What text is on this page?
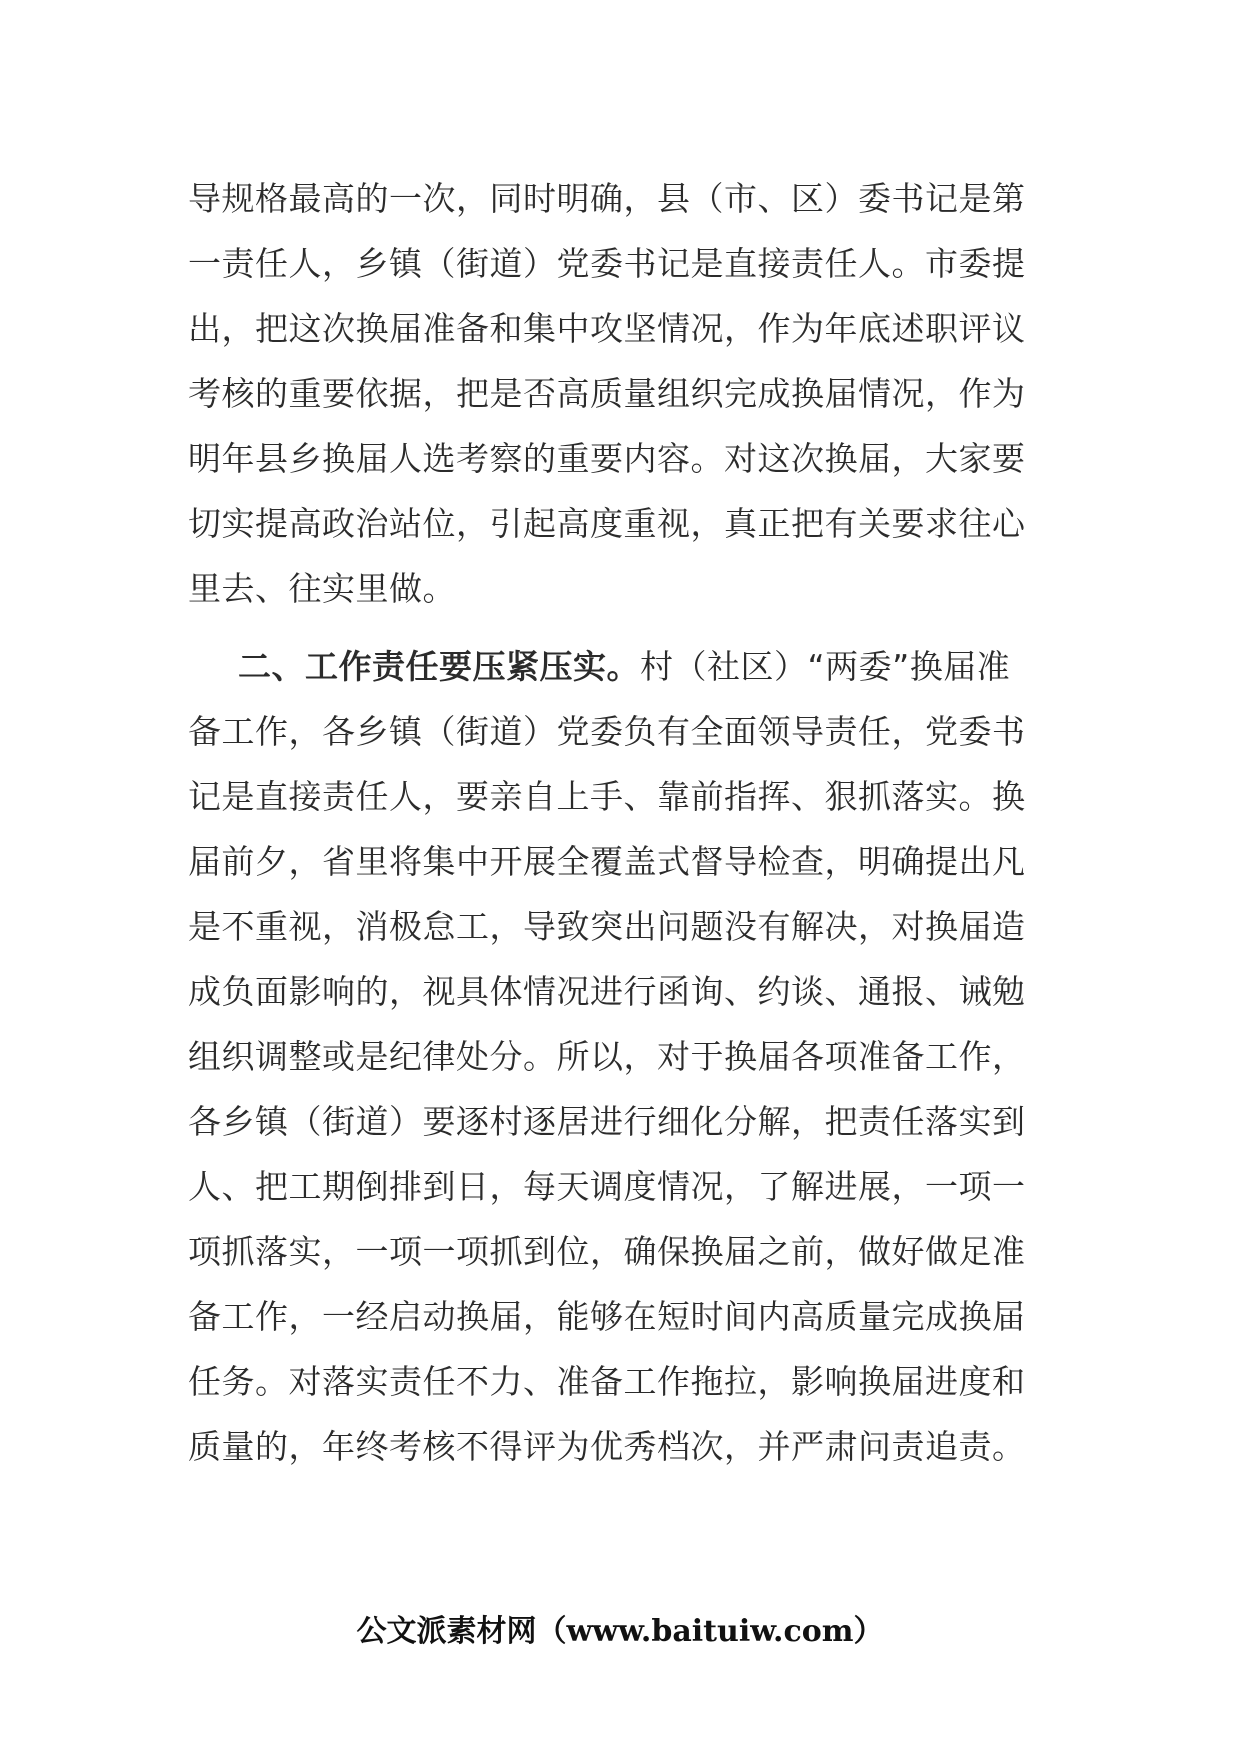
导规格最高的一次，同时明确，县（市、区）委书记是第
一责任人，乡镇（街道）党委书记是直接责任人。市委提
出，把这次换届准备和集中攻坚情况，作为年底述职评议
考核的重要依据，把是否高质量组织完成换届情况，作为
明年县乡换届人选考察的重要内容。对这次换届，大家要
切实提高政治站位，引起高度重视，真正把有关要求往心
里去、往实里做。
二、工作责任要压紧压实。村（社区）“两委”换届准
备工作，各乡镇（街道）党委负有全面领导责任，党委书
记是直接责任人，要亲自上手、靠前指挥、狠抓落实。换
届前夕，省里将集中开展全覆盖式督导检查，明确提出凡
是不重视，消极怠工，导致突出问题没有解决，对换届造
成负面影响的，视具体情况进行函询、约谈、通报、诫勉
组织调整或是纪律处分。所以，对于换届各项准备工作，
各乡镇（街道）要逐村逐居进行细化分解，把责任落实到
人、把工期倒排到日，每天调度情况，了解进展，一项一
项抓落实，一项一项抓到位，确保换届之前，做好做足准
备工作，一经启动换届，能够在短时间内高质量完成换届
任务。对落实责任不力、准备工作拖拉，影响换届进度和
质量的，年终考核不得评为优秀档次，并严肃问责追责。
公文派素材网（www.baituiw.com）
